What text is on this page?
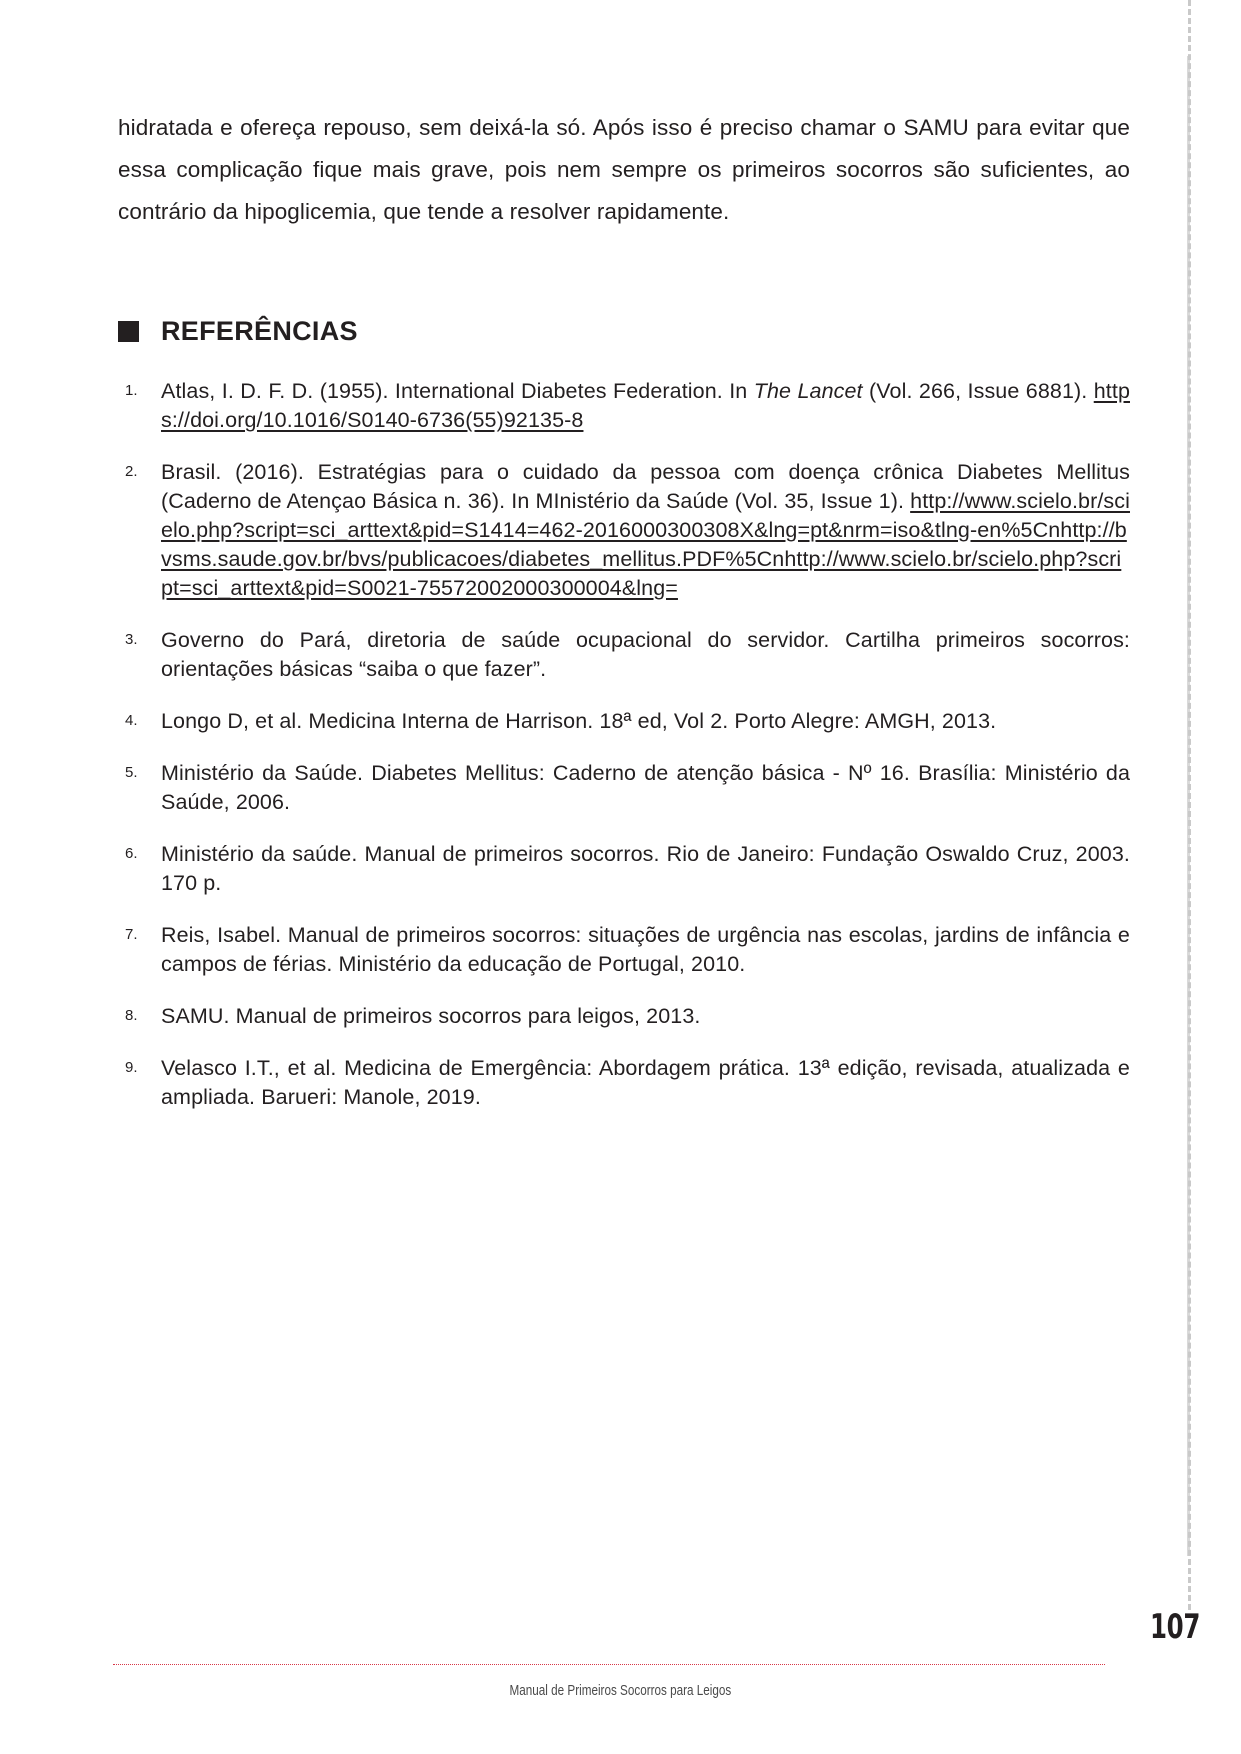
hidratada e ofereça repouso, sem deixá-la só. Após isso é preciso chamar o SAMU para evitar que essa complicação fique mais grave, pois nem sempre os primeiros socorros são suficientes, ao contrário da hipoglicemia, que tende a resolver rapidamente.

REFERÊNCIAS
1.	Atlas, I. D. F. D. (1955). International Diabetes Federation. In The Lancet (Vol. 266, Issue 6881). https://doi.org/10.1016/S0140-6736(55)92135-8
2.	Brasil. (2016). Estratégias para o cuidado da pessoa com doença crônica Diabetes Mellitus (Caderno de Atençao Básica n. 36). In MInistério da Saúde (Vol. 35, Issue 1). http://www.scielo.br/scielo.php?script=sci_arttext&pid=S1414=462-2016000300308X&lng=pt&nrm=iso&tlng-en%5Cnhttp://bvsms.saude.gov.br/bvs/publicacoes/diabetes_mellitus.PDF%5Cnhttp://www.scielo.br/scielo.php?script=sci_arttext&pid=S0021-75572002000300004&lng=
3.	Governo do Pará, diretoria de saúde ocupacional do servidor. Cartilha primeiros socorros: orientações básicas “saiba o que fazer”.
4.	Longo D, et al. Medicina Interna de Harrison. 18ª ed, Vol 2. Porto Alegre: AMGH, 2013.
5.	Ministério da Saúde. Diabetes Mellitus: Caderno de atenção básica - Nº 16. Brasília: Ministério da Saúde, 2006.
6.	Ministério da saúde. Manual de primeiros socorros. Rio de Janeiro: Fundação Oswaldo Cruz, 2003. 170 p.
7.	Reis, Isabel. Manual de primeiros socorros: situações de urgência nas escolas, jardins de infância e campos de férias. Ministério da educação de Portugal, 2010.
8.	SAMU. Manual de primeiros socorros para leigos, 2013.
9.	Velasco I.T., et al. Medicina de Emergência: Abordagem prática. 13ª edição, revisada, atualizada e ampliada. Barueri: Manole, 2019.
107
Manual de Primeiros Socorros para Leigos
